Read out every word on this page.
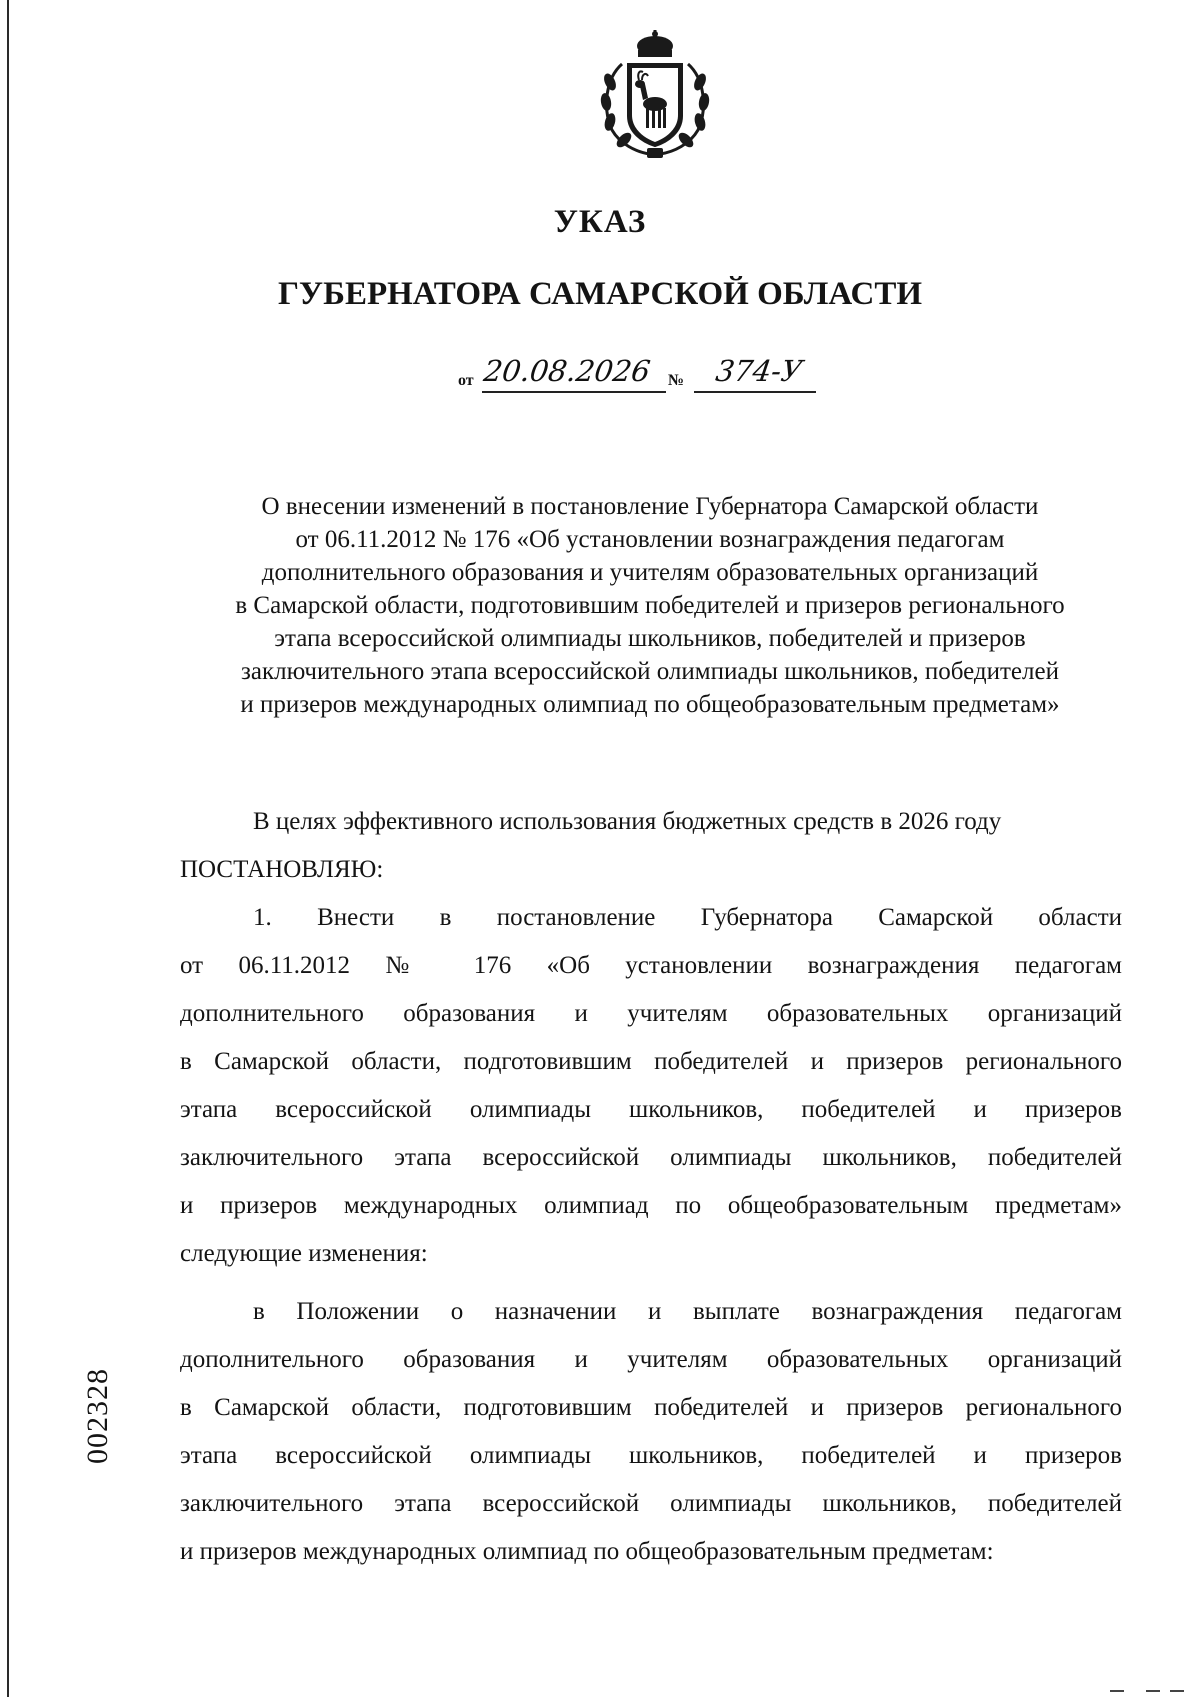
УКАЗ
ГУБЕРНАТОРА САМАРСКОЙ ОБЛАСТИ
от 20.08.2026 № 374-У
О внесении изменений в постановление Губернатора Самарской области
от 06.11.2012 № 176 «Об установлении вознаграждения педагогам
дополнительного образования и учителям образовательных организаций
в Самарской области, подготовившим победителей и призеров регионального
этапа всероссийской олимпиады школьников, победителей и призеров
заключительного этапа всероссийской олимпиады школьников, победителей
и призеров международных олимпиад по общеобразовательным предметам»
В целях эффективного использования бюджетных средств в 2026 году
ПОСТАНОВЛЯЮ:
1. Внести в постановление Губернатора Самарской области
от 06.11.2012 № 176 «Об установлении вознаграждения педагогам
дополнительного образования и учителям образовательных организаций
в Самарской области, подготовившим победителей и призеров регионального
этапа всероссийской олимпиады школьников, победителей и призеров
заключительного этапа всероссийской олимпиады школьников, победителей
и призеров международных олимпиад по общеобразовательным предметам»
следующие изменения:
в Положении о назначении и выплате вознаграждения педагогам
дополнительного образования и учителям образовательных организаций
в Самарской области, подготовившим победителей и призеров регионального
этапа всероссийской олимпиады школьников, победителей и призеров
заключительного этапа всероссийской олимпиады школьников, победителей
и призеров международных олимпиад по общеобразовательным предметам:
002328
